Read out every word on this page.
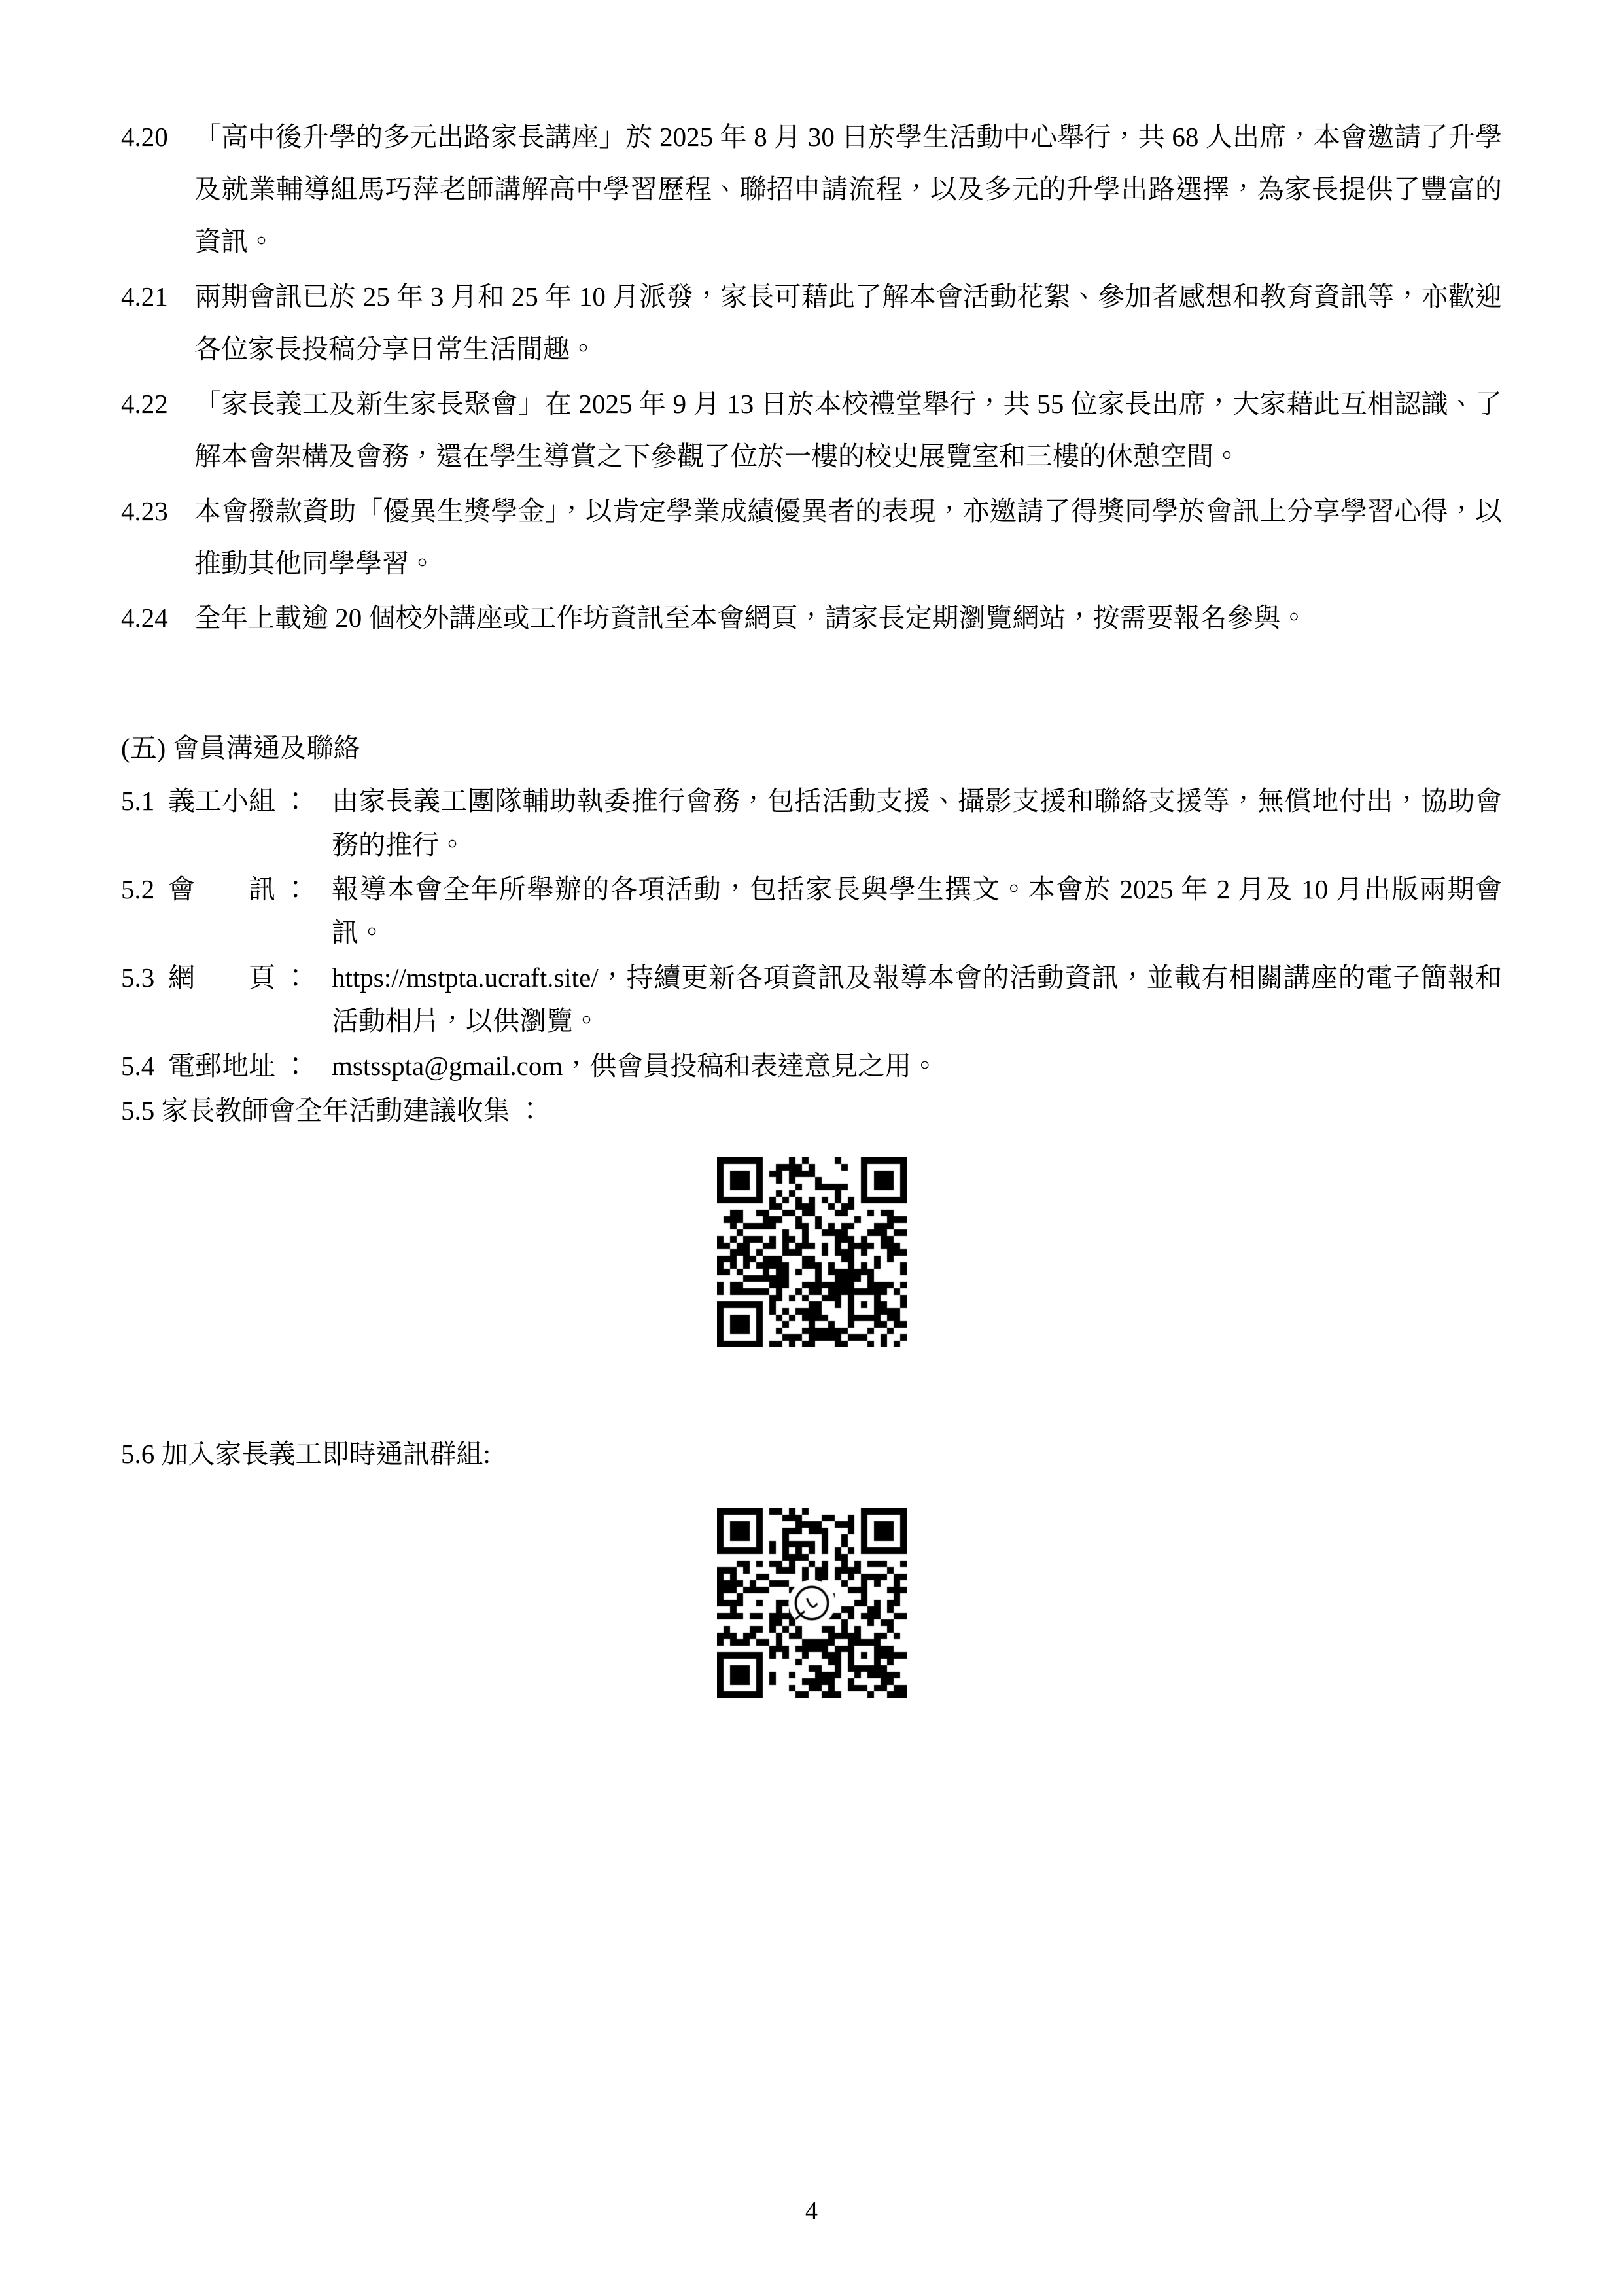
4.20 「高中後升學的多元出路家長講座」於 2025 年 8 月 30 日於學生活動中心舉行，共 68 人出席，本會邀請了升學及就業輔導組馬巧萍老師講解高中學習歷程、聯招申請流程，以及多元的升學出路選擇，為家長提供了豐富的資訊。
4.21 兩期會訊已於 25 年 3 月和 25 年 10 月派發，家長可藉此了解本會活動花絮、參加者感想和教育資訊等，亦歡迎各位家長投稿分享日常生活閒趣。
4.22 「家長義工及新生家長聚會」在 2025 年 9 月 13 日於本校禮堂舉行，共 55 位家長出席，大家藉此互相認識、了解本會架構及會務，還在學生導賞之下參觀了位於一樓的校史展覽室和三樓的休憩空間。
4.23 本會撥款資助「優異生獎學金」，以肯定學業成績優異者的表現，亦邀請了得獎同學於會訊上分享學習心得，以推動其他同學學習。
4.24 全年上載逾 20 個校外講座或工作坊資訊至本會網頁，請家長定期瀏覽網站，按需要報名參與。
(五) 會員溝通及聯絡
5.1 義工小組 ： 由家長義工團隊輔助執委推行會務，包括活動支援、攝影支援和聯絡支援等，無償地付出，協助會務的推行。
5.2 會　　訊 ： 報導本會全年所舉辦的各項活動，包括家長與學生撰文。本會於 2025 年 2 月及 10 月出版兩期會訊。
5.3 網　　頁 ： https://mstpta.ucraft.site/，持續更新各項資訊及報導本會的活動資訊，並載有相關講座的電子簡報和活動相片，以供瀏覽。
5.4 電郵地址 ： mstsspta@gmail.com，供會員投稿和表達意見之用。
5.5 家長教師會全年活動建議收集 ：
5.6 加入家長義工即時通訊群組:
4
